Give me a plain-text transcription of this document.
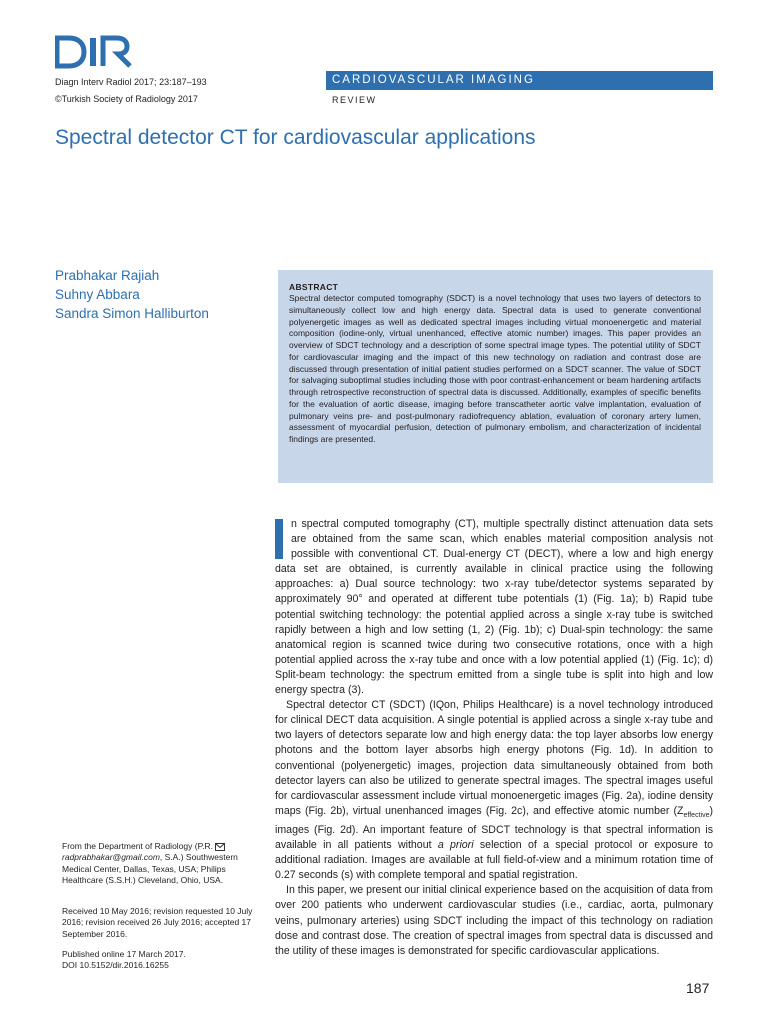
Diagn Interv Radiol 2017; 23:187–193
©Turkish Society of Radiology 2017
CARDIOVASCULAR IMAGING
REVIEW
Spectral detector CT for cardiovascular applications
Prabhakar Rajiah
Suhny Abbara
Sandra Simon Halliburton
ABSTRACT
Spectral detector computed tomography (SDCT) is a novel technology that uses two layers of detectors to simultaneously collect low and high energy data. Spectral data is used to generate conventional polyenergetic images as well as dedicated spectral images including virtual monoenergetic and material composition (iodine-only, virtual unenhanced, effective atomic number) images. This paper provides an overview of SDCT technology and a description of some spectral image types. The potential utility of SDCT for cardiovascular imaging and the impact of this new technology on radiation and contrast dose are discussed through presentation of initial patient studies performed on a SDCT scanner. The value of SDCT for salvaging suboptimal studies including those with poor contrast-enhancement or beam hardening artifacts through retrospective reconstruction of spectral data is discussed. Additionally, examples of specific benefits for the evaluation of aortic disease, imaging before transcatheter aortic valve implantation, evaluation of pulmonary veins pre- and post-pulmonary radiofrequency ablation, evaluation of coronary artery lumen, assessment of myocardial perfusion, detection of pulmonary embolism, and characterization of incidental findings are presented.

n spectral computed tomography (CT), multiple spectrally distinct attenuation data sets are obtained from the same scan, which enables material composition analysis not possible with conventional CT. Dual-energy CT (DECT), where a low and high energy data set are obtained, is currently available in clinical practice using the following approaches: a) Dual source technology: two x-ray tube/detector systems separated by approximately 90° and operated at different tube potentials (1) (Fig. 1a); b) Rapid tube potential switching technology: the potential applied across a single x-ray tube is switched rapidly between a high and low setting (1, 2) (Fig. 1b); c) Dual-spin technology: the same anatomical region is scanned twice during two consecutive rotations, once with a high potential applied across the x-ray tube and once with a low potential applied (1) (Fig. 1c); d) Split-beam technology: the spectrum emitted from a single tube is split into high and low energy spectra (3).

Spectral detector CT (SDCT) (IQon, Philips Healthcare) is a novel technology introduced for clinical DECT data acquisition. A single potential is applied across a single x-ray tube and two layers of detectors separate low and high energy data: the top layer absorbs low energy photons and the bottom layer absorbs high energy photons (Fig. 1d). In addition to conventional (polyenergetic) images, projection data simultaneously obtained from both detector layers can also be utilized to generate spectral images. The spectral images useful for cardiovascular assessment include virtual monoenergetic images (Fig. 2a), iodine density maps (Fig. 2b), virtual unenhanced images (Fig. 2c), and effective atomic number $(Z_{effective})$ images (Fig. 2d). An important feature of SDCT technology is that spectral information is available in all patients without a priori selection of a special protocol or exposure to additional radiation. Images are available at full field-of-view and a minimum rotation time of 0.27 seconds (s) with complete temporal and spatial registration.

In this paper, we present our initial clinical experience based on the acquisition of data from over 200 patients who underwent cardiovascular studies (i.e., cardiac, aorta, pulmonary veins, pulmonary arteries) using SDCT including the impact of this technology on radiation dose and contrast dose. The creation of spectral images from spectral data is discussed and the utility of these images is demonstrated for specific cardiovascular applications.

From the Department of Radiology (P.R.
radprabhakar@gmail.com, S.A.) Southwestern Medical Center, Dallas, Texas, USA; Philips Healthcare (S.S.H.) Cleveland, Ohio, USA.
Received 10 May 2016; revision requested 10 July 2016; revision received 26 July 2016; accepted 17 September 2016.
Published online 17 March 2017.
DOI 10.5152/dir.2016.16255
187
